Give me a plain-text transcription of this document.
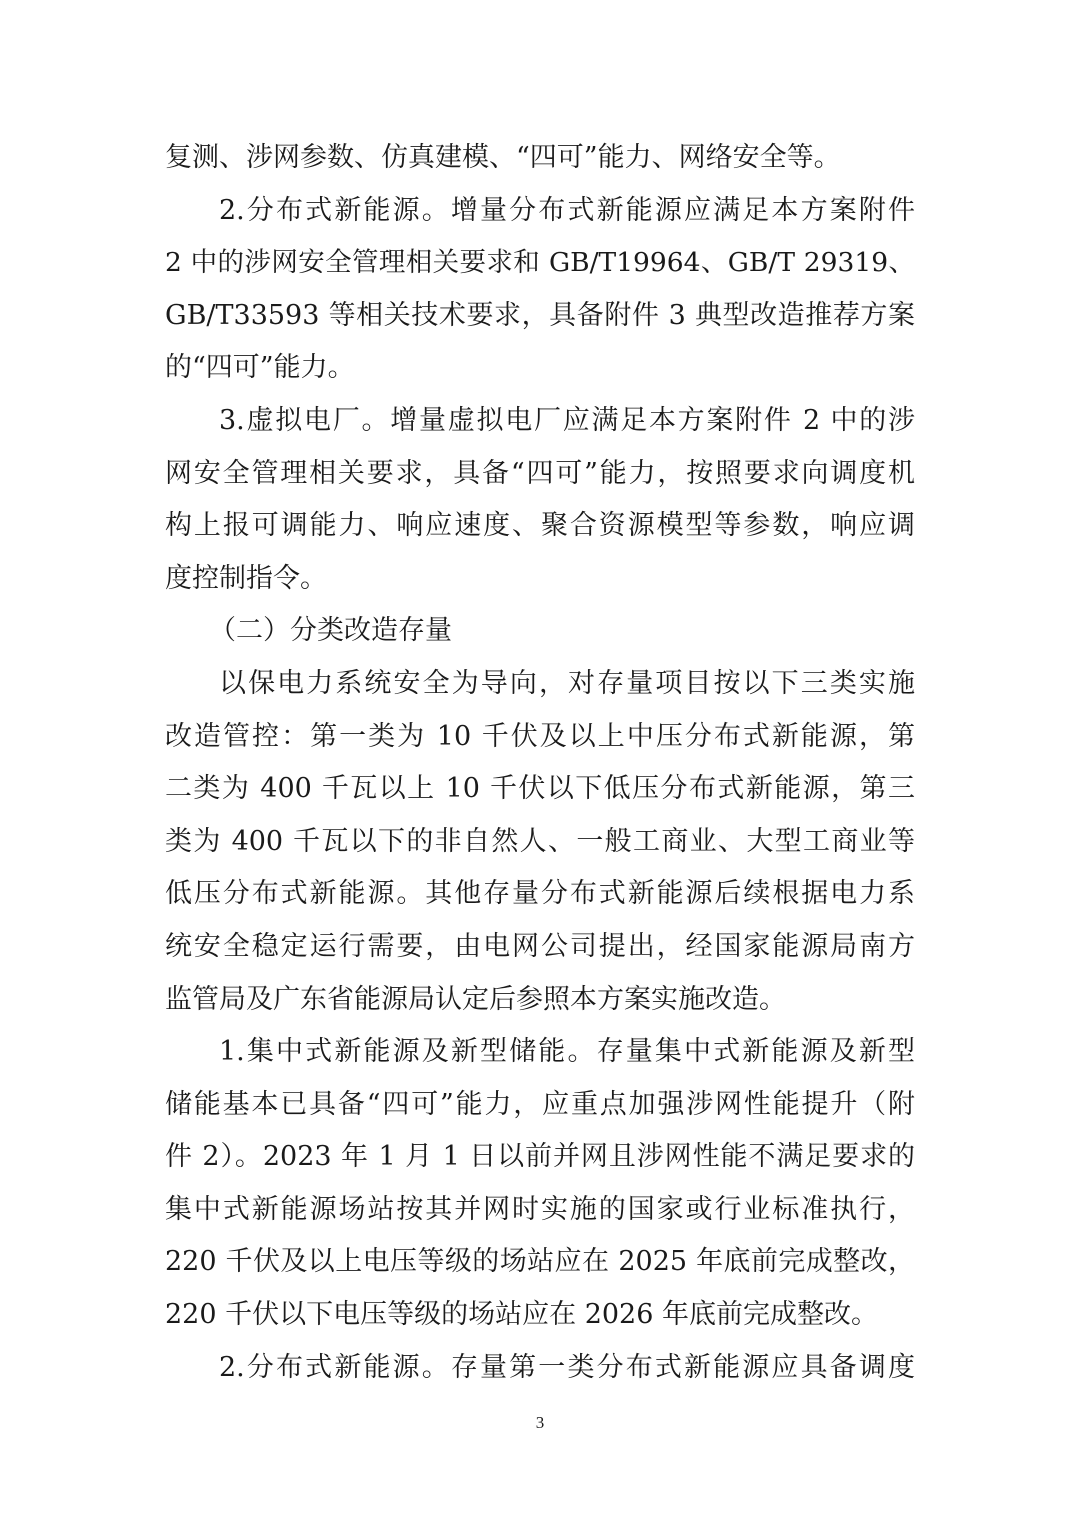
复测、涉网参数、仿真建模、“四可”能力、网络安全等。
2.分布式新能源。增量分布式新能源应满足本方案附件
2 中的涉网安全管理相关要求和 GB/T19964、GB/T 29319、
GB/T33593 等相关技术要求，具备附件 3 典型改造推荐方案
的“四可”能力。
3.虚拟电厂。增量虚拟电厂应满足本方案附件 2 中的涉
网安全管理相关要求，具备“四可”能力，按照要求向调度机
构上报可调能力、响应速度、聚合资源模型等参数，响应调
度控制指令。
（二）分类改造存量
以保电力系统安全为导向，对存量项目按以下三类实施
改造管控：第一类为 10 千伏及以上中压分布式新能源，第
二类为 400 千瓦以上 10 千伏以下低压分布式新能源，第三
类为 400 千瓦以下的非自然人、一般工商业、大型工商业等
低压分布式新能源。其他存量分布式新能源后续根据电力系
统安全稳定运行需要，由电网公司提出，经国家能源局南方
监管局及广东省能源局认定后参照本方案实施改造。
1.集中式新能源及新型储能。存量集中式新能源及新型
储能基本已具备“四可”能力，应重点加强涉网性能提升（附
件 2）。2023 年 1 月 1 日以前并网且涉网性能不满足要求的
集中式新能源场站按其并网时实施的国家或行业标准执行，
220 千伏及以上电压等级的场站应在 2025 年底前完成整改，
220 千伏以下电压等级的场站应在 2026 年底前完成整改。
2.分布式新能源。存量第一类分布式新能源应具备调度
3
